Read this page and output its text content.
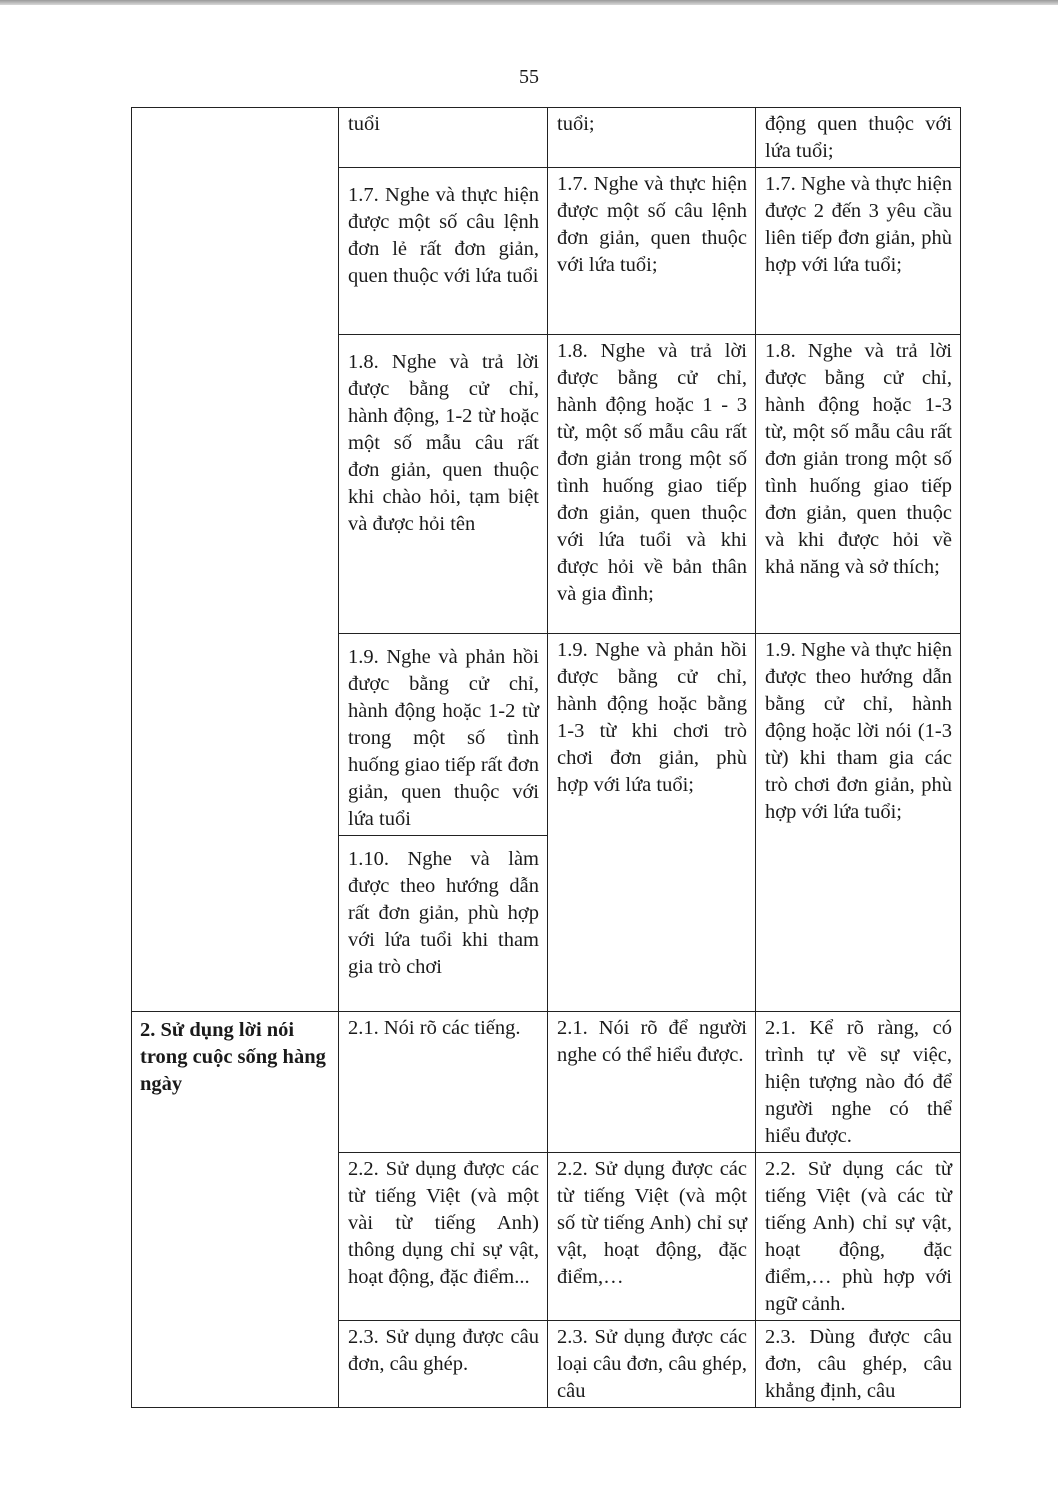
55
	tuổi	tuổi;	động quen thuộc với lứa tuổi;
	1.7. Nghe và thực hiện được một số câu lệnh đơn lẻ rất đơn giản, quen thuộc với lứa tuổi	1.7. Nghe và thực hiện được một số câu lệnh đơn giản, quen thuộc với lứa tuổi;	1.7. Nghe và thực hiện được 2 đến 3 yêu cầu liên tiếp đơn giản, phù hợp với lứa tuổi;
	1.8. Nghe và trả lời được bằng cử chỉ, hành động, 1-2 từ hoặc một số mẫu câu rất đơn giản, quen thuộc khi chào hỏi, tạm biệt và được hỏi tên	1.8. Nghe và trả lời được bằng cử chỉ, hành động hoặc 1 - 3 từ, một số mẫu câu rất đơn giản trong một số tình huống giao tiếp đơn giản, quen thuộc với lứa tuổi và khi được hỏi về bản thân và gia đình;	1.8. Nghe và trả lời được bằng cử chỉ, hành động hoặc 1-3 từ, một số mẫu câu rất đơn giản trong một số tình huống giao tiếp đơn giản, quen thuộc và khi được hỏi về khả năng và sở thích;
	1.9. Nghe và phản hồi được bằng cử chỉ, hành động hoặc 1-2 từ trong một số tình huống giao tiếp rất đơn giản, quen thuộc với lứa tuổi	1.9. Nghe và phản hồi được bằng cử chỉ, hành động hoặc bằng 1-3 từ khi chơi trò chơi đơn giản, phù hợp với lứa tuổi;	1.9. Nghe và thực hiện được theo hướng dẫn bằng cử chỉ, hành động hoặc lời nói (1-3 từ) khi tham gia các trò chơi đơn giản, phù hợp với lứa tuổi;
	1.10. Nghe và làm được theo hướng dẫn rất đơn giản, phù hợp với lứa tuổi khi tham gia trò chơi		
2. Sử dụng lời nói trong cuộc sống hàng ngày	2.1. Nói rõ các tiếng.	2.1. Nói rõ để người nghe có thể hiểu được.	2.1. Kể rõ ràng, có trình tự về sự việc, hiện tượng nào đó để người nghe có thể hiểu được.
	2.2. Sử dụng được các từ tiếng Việt (và một vài từ tiếng Anh) thông dụng chỉ sự vật, hoạt động, đặc điểm...	2.2. Sử dụng được các từ tiếng Việt (và một số từ tiếng Anh) chỉ sự vật, hoạt động, đặc điểm,…	2.2. Sử dụng các từ tiếng Việt (và các từ tiếng Anh) chỉ sự vật, hoạt động, đặc điểm,… phù hợp với ngữ cảnh.
	2.3. Sử dụng được câu đơn, câu ghép.	2.3. Sử dụng được các loại câu đơn, câu ghép, câu	2.3. Dùng được câu đơn, câu ghép, câu khẳng định, câu
